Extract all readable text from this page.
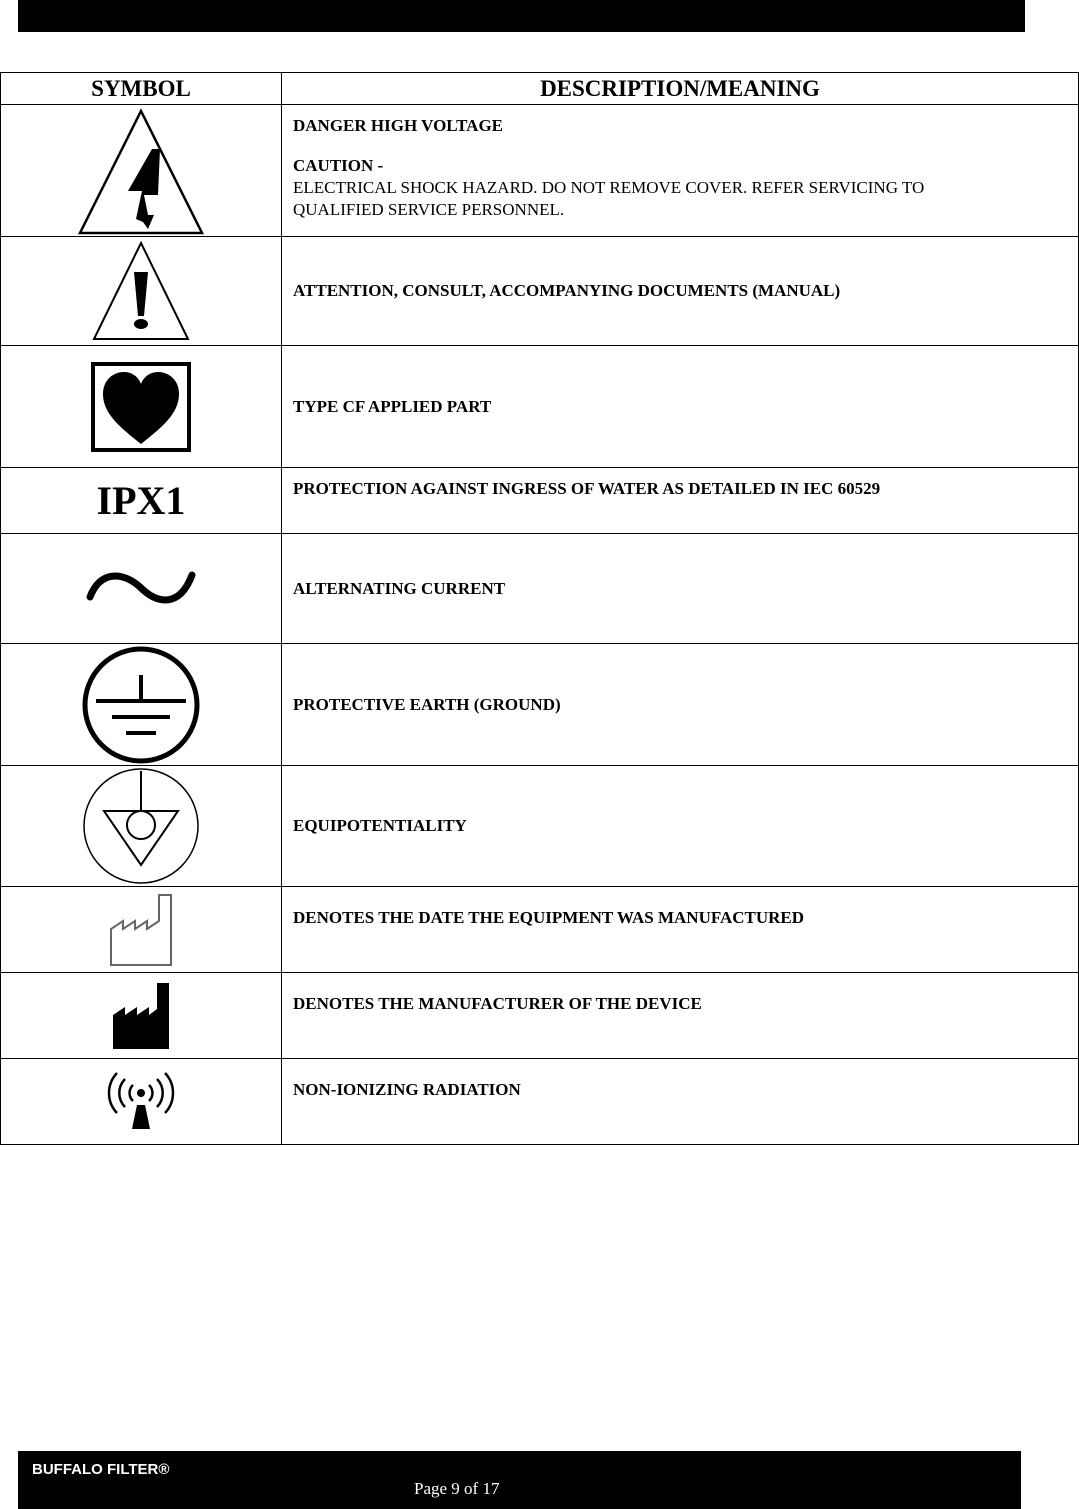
SYMBOL	DESCRIPTION/MEANING

DANGER HIGH VOLTAGE
CAUTION -
ELECTRICAL SHOCK HAZARD. DO NOT REMOVE COVER. REFER SERVICING TO
QUALIFIED SERVICE PERSONNEL.

ATTENTION, CONSULT, ACCOMPANYING DOCUMENTS (MANUAL)

TYPE CF APPLIED PART

IPX1	PROTECTION AGAINST INGRESS OF WATER AS DETAILED IN IEC 60529

ALTERNATING CURRENT

PROTECTIVE EARTH (GROUND)

EQUIPOTENTIALITY

DENOTES THE DATE THE EQUIPMENT WAS MANUFACTURED

DENOTES THE MANUFACTURER OF THE DEVICE

NON-IONIZING RADIATION
BUFFALO FILTER®
Page 9 of 17
